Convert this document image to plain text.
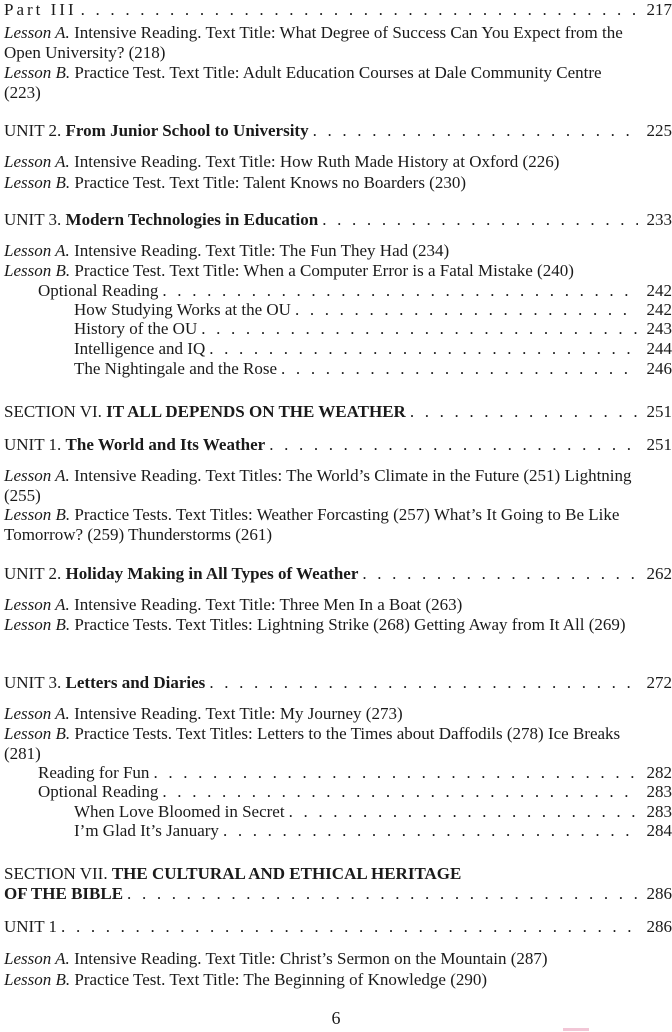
Part III . . .	217
Lesson A. Intensive Reading. Text Title: What Degree of Success Can You Expect from the Open University? (218)
Lesson B. Practice Test. Text Title: Adult Education Courses at Dale Community Centre (223)
UNIT 2. From Junior School to University . . .	225
Lesson A. Intensive Reading. Text Title: How Ruth Made History at Oxford (226)
Lesson B. Practice Test. Text Title: Talent Knows no Boarders (230)
UNIT 3. Modern Technologies in Education . . .	233
Lesson A. Intensive Reading. Text Title: The Fun They Had (234)
Lesson B. Practice Test. Text Title: When a Computer Error is a Fatal Mistake (240)
Optional Reading . . .	242
How Studying Works at the OU . . .	242
History of the OU . . .	243
Intelligence and IQ . . .	244
The Nightingale and the Rose . . .	246
SECTION VI. IT ALL DEPENDS ON THE WEATHER . . .	251
UNIT 1. The World and Its Weather . . .	251
Lesson A. Intensive Reading. Text Titles: The World’s Climate in the Future (251) Lightning (255)
Lesson B. Practice Tests. Text Titles: Weather Forcasting (257) What’s It Going to Be Like Tomorrow? (259) Thunderstorms (261)
UNIT 2. Holiday Making in All Types of Weather . . .	262
Lesson A. Intensive Reading. Text Title: Three Men In a Boat (263)
Lesson B. Practice Tests. Text Titles: Lightning Strike (268) Getting Away from It All (269)
UNIT 3. Letters and Diaries . . .	272
Lesson A. Intensive Reading. Text Title: My Journey (273)
Lesson B. Practice Tests. Text Titles: Letters to the Times about Daffodils (278) Ice Breaks (281)
Reading for Fun . . .	282
Optional Reading . . .	283
When Love Bloomed in Secret . . .	283
I’m Glad It’s January . . .	284
SECTION VII. THE CULTURAL AND ETHICAL HERITAGE
OF THE BIBLE . . .	286
UNIT 1 . . .	286
Lesson A. Intensive Reading. Text Title: Christ’s Sermon on the Mountain (287)
Lesson B. Practice Test. Text Title: The Beginning of Knowledge (290)
6
